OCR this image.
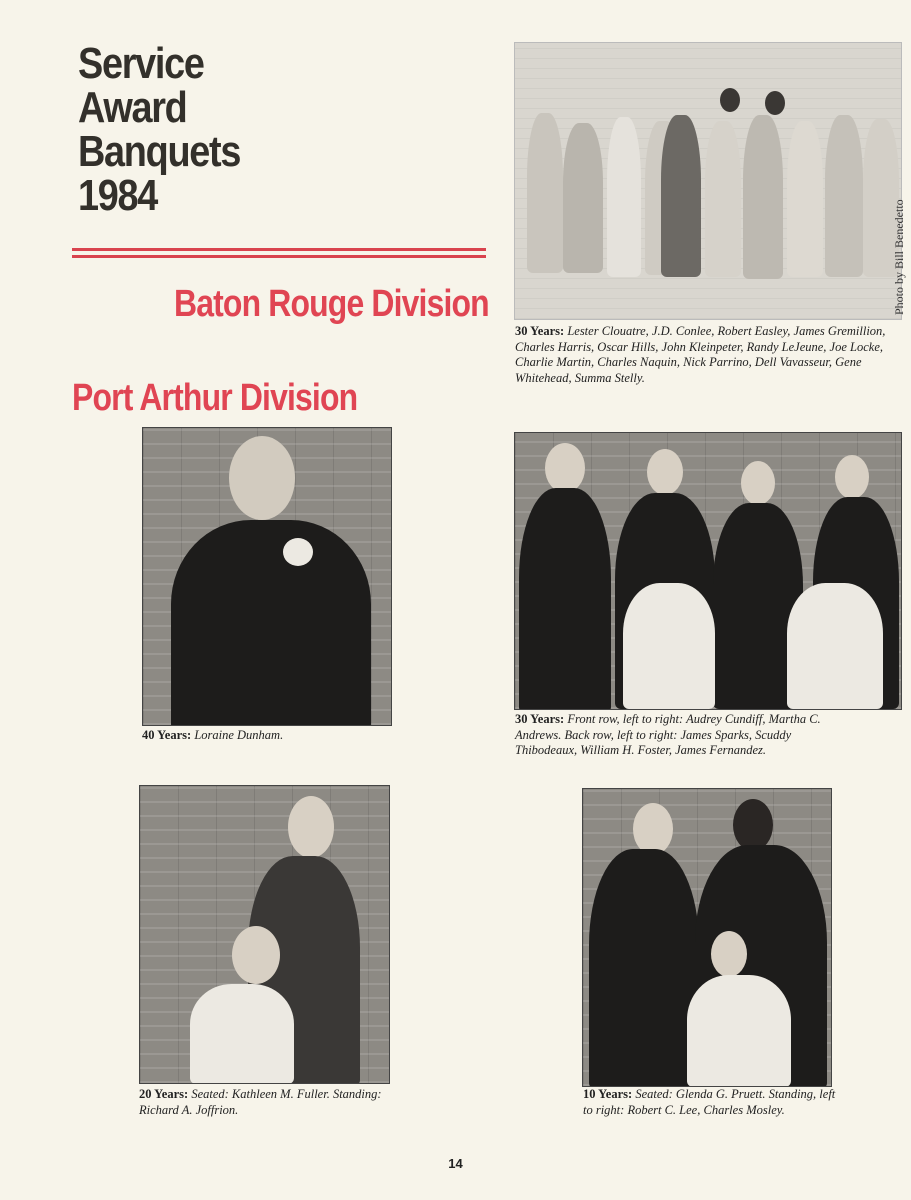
Service
Award
Banquets
1984
Baton Rouge Division
Port Arthur Division
Photo by Bill Benedetto
30 Years: Lester Clouatre, J.D. Conlee, Robert Easley, James Gremillion, Charles Harris, Oscar Hills, John Kleinpeter, Randy LeJeune, Joe Locke, Charlie Martin, Charles Naquin, Nick Parrino, Dell Vavasseur, Gene Whitehead, Summa Stelly.
40 Years: Loraine Dunham.
30 Years: Front row, left to right: Audrey Cundiff, Martha C. Andrews. Back row, left to right: James Sparks, Scuddy Thibodeaux, William H. Foster, James Fernandez.
20 Years: Seated: Kathleen M. Fuller. Standing: Richard A. Joffrion.
10 Years: Seated: Glenda G. Pruett. Standing, left to right: Robert C. Lee, Charles Mosley.
14
